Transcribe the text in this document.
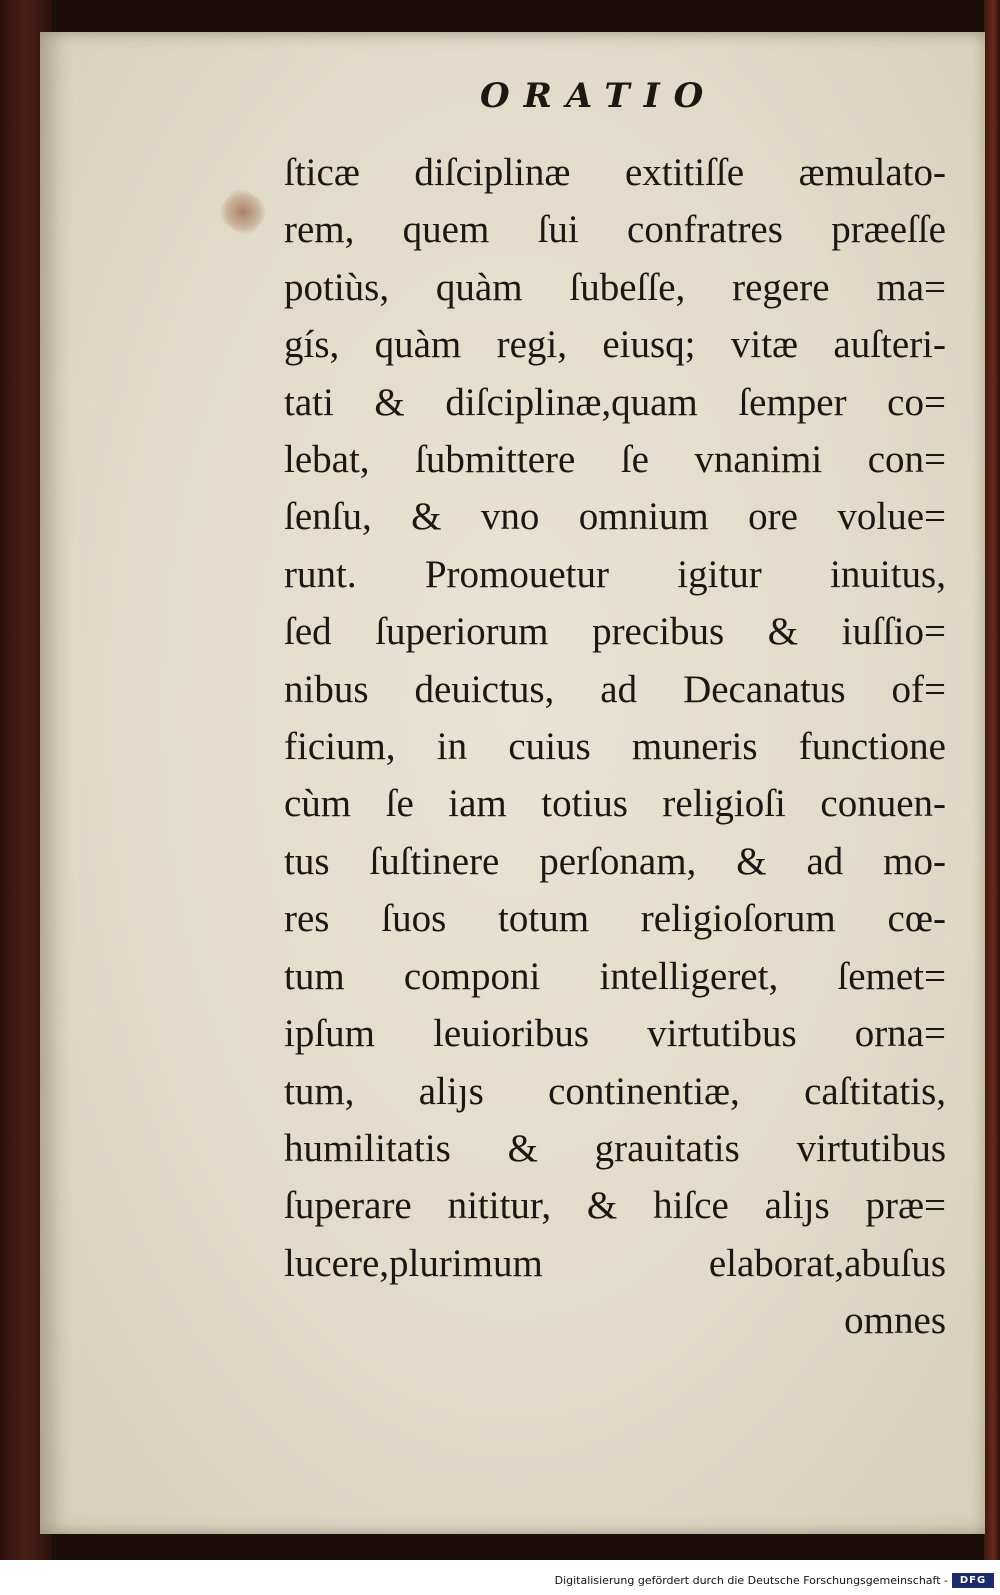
ORATIO
ſticæ diſciplinæ extitiſſe æmulato-
rem, quem ſui confratres præeſſe
potiùs, quàm ſubeſſe, regere ma=
gís, quàm regi, eiusq; vitæ auſteri-
tati & diſciplinæ,quam ſemper co=
lebat, ſubmittere ſe vnanimi con=
ſenſu, & vno omnium ore volue=
runt. Promouetur igitur inuitus,
ſed ſuperiorum precibus & iuſſio=
nibus deuictus, ad Decanatus of=
ficium, in cuius muneris functione
cùm ſe iam totius religioſi conuen-
tus ſuſtinere perſonam, & ad mo-
res ſuos totum religioſorum cœ-
tum componi intelligeret, ſemet=
ipſum leuioribus virtutibus orna=
tum, aliȷs continentiæ, caſtitatis,
humilitatis & grauitatis virtutibus
ſuperare nititur, & hiſce aliȷs præ=
lucere,plurimum elaborat,abuſus
omnes
Digitalisierung gefördert durch die Deutsche Forschungsgemeinschaft -	DFG
